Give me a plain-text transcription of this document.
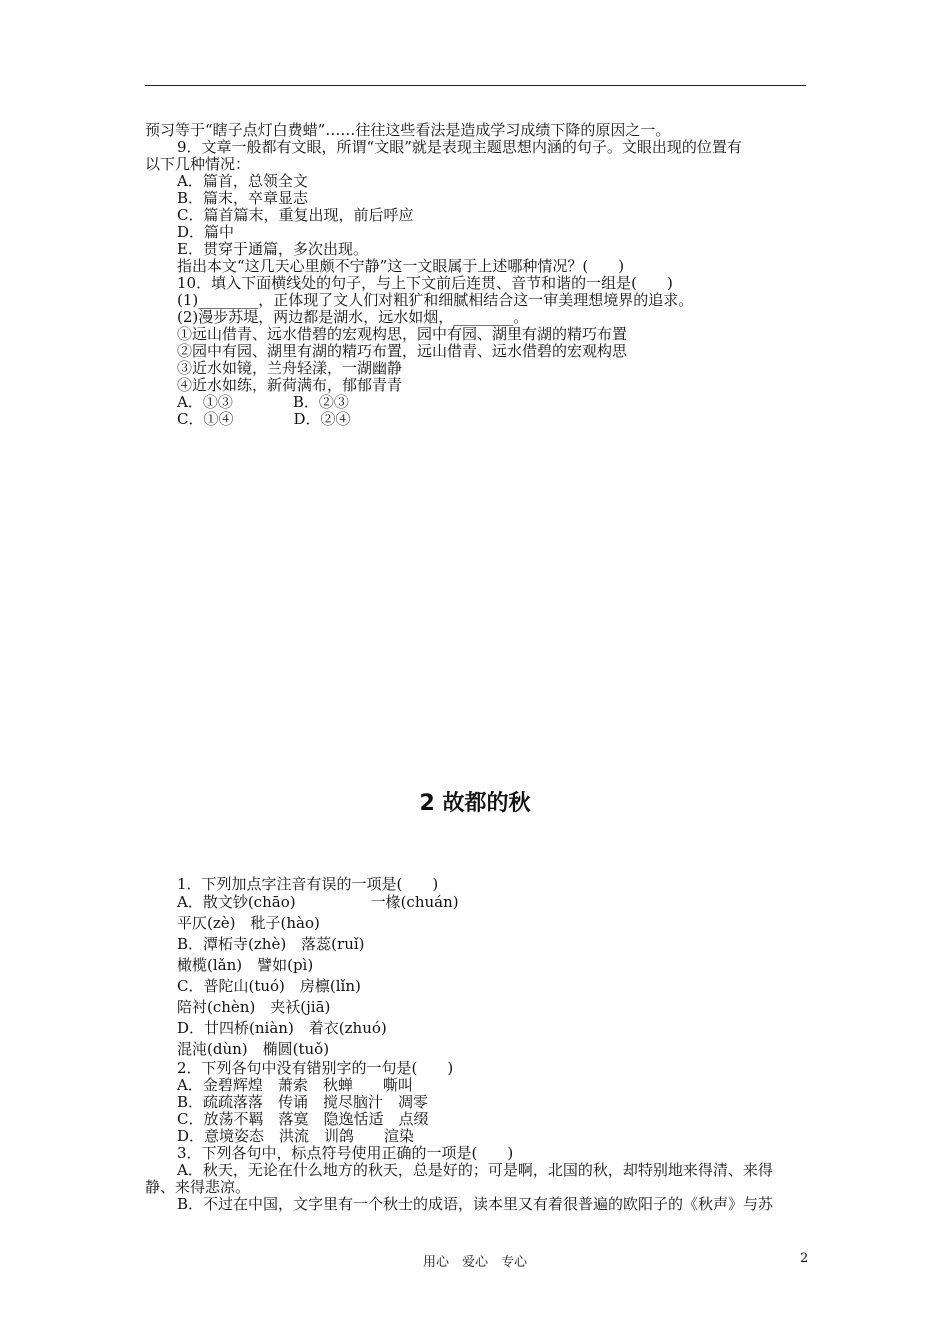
预习等于“瞎子点灯白费蜡”……往往这些看法是造成学习成绩下降的原因之一。
9．文章一般都有文眼，所谓“文眼”就是表现主题思想内涵的句子。文眼出现的位置有
以下几种情况：
A．篇首，总领全文
B．篇末，卒章显志
C．篇首篇末，重复出现，前后呼应
D．篇中
E．贯穿于通篇，多次出现。
指出本文“这几天心里颇不宁静”这一文眼属于上述哪种情况？(　　)
10．填入下面横线处的句子，与上下文前后连贯、音节和谐的一组是(　　)
(1)________，正体现了文人们对粗犷和细腻相结合这一审美理想境界的追求。
(2)漫步苏堤，两边都是湖水，远水如烟，________。
①远山借青、远水借碧的宏观构思，园中有园、湖里有湖的精巧布置
②园中有园、湖里有湖的精巧布置，远山借青、远水借碧的宏观构思
③近水如镜，兰舟轻漾，一湖幽静
④近水如练，新荷满布，郁郁青青
A．①③　　　　B．②③
C．①④　　　　D．②④
2 故都的秋
1．下列加点字注音有误的一项是(　　)
A．散文钞(chāo)　　　　　一椽(chuán)
平仄(zè)　秕子(hào)
B．潭柘寺(zhè)　落蕊(ruǐ)
橄榄(lǎn)　譬如(pì)
C．普陀山(tuó)　房檩(lǐn)
陪衬(chèn)　夹袄(jiā)
D．廿四桥(niàn)　着衣(zhuó)
混沌(dùn)　椭圆(tuǒ)
2．下列各句中没有错别字的一句是(　　)
A．金碧辉煌　萧索　秋蝉　　嘶叫
B．疏疏落落　传诵　搅尽脑汁　凋零
C．放荡不羁　落寞　隐逸恬适　点缀
D．意境姿态　洪流　训鸽　　渲染
3．下列各句中，标点符号使用正确的一项是(　　)
A．秋天，无论在什么地方的秋天，总是好的；可是啊，北国的秋，却特别地来得清、来得
静、来得悲凉。
B．不过在中国，文字里有一个秋士的成语，读本里又有着很普遍的欧阳子的《秋声》与苏
用心　爱心　专心	2
